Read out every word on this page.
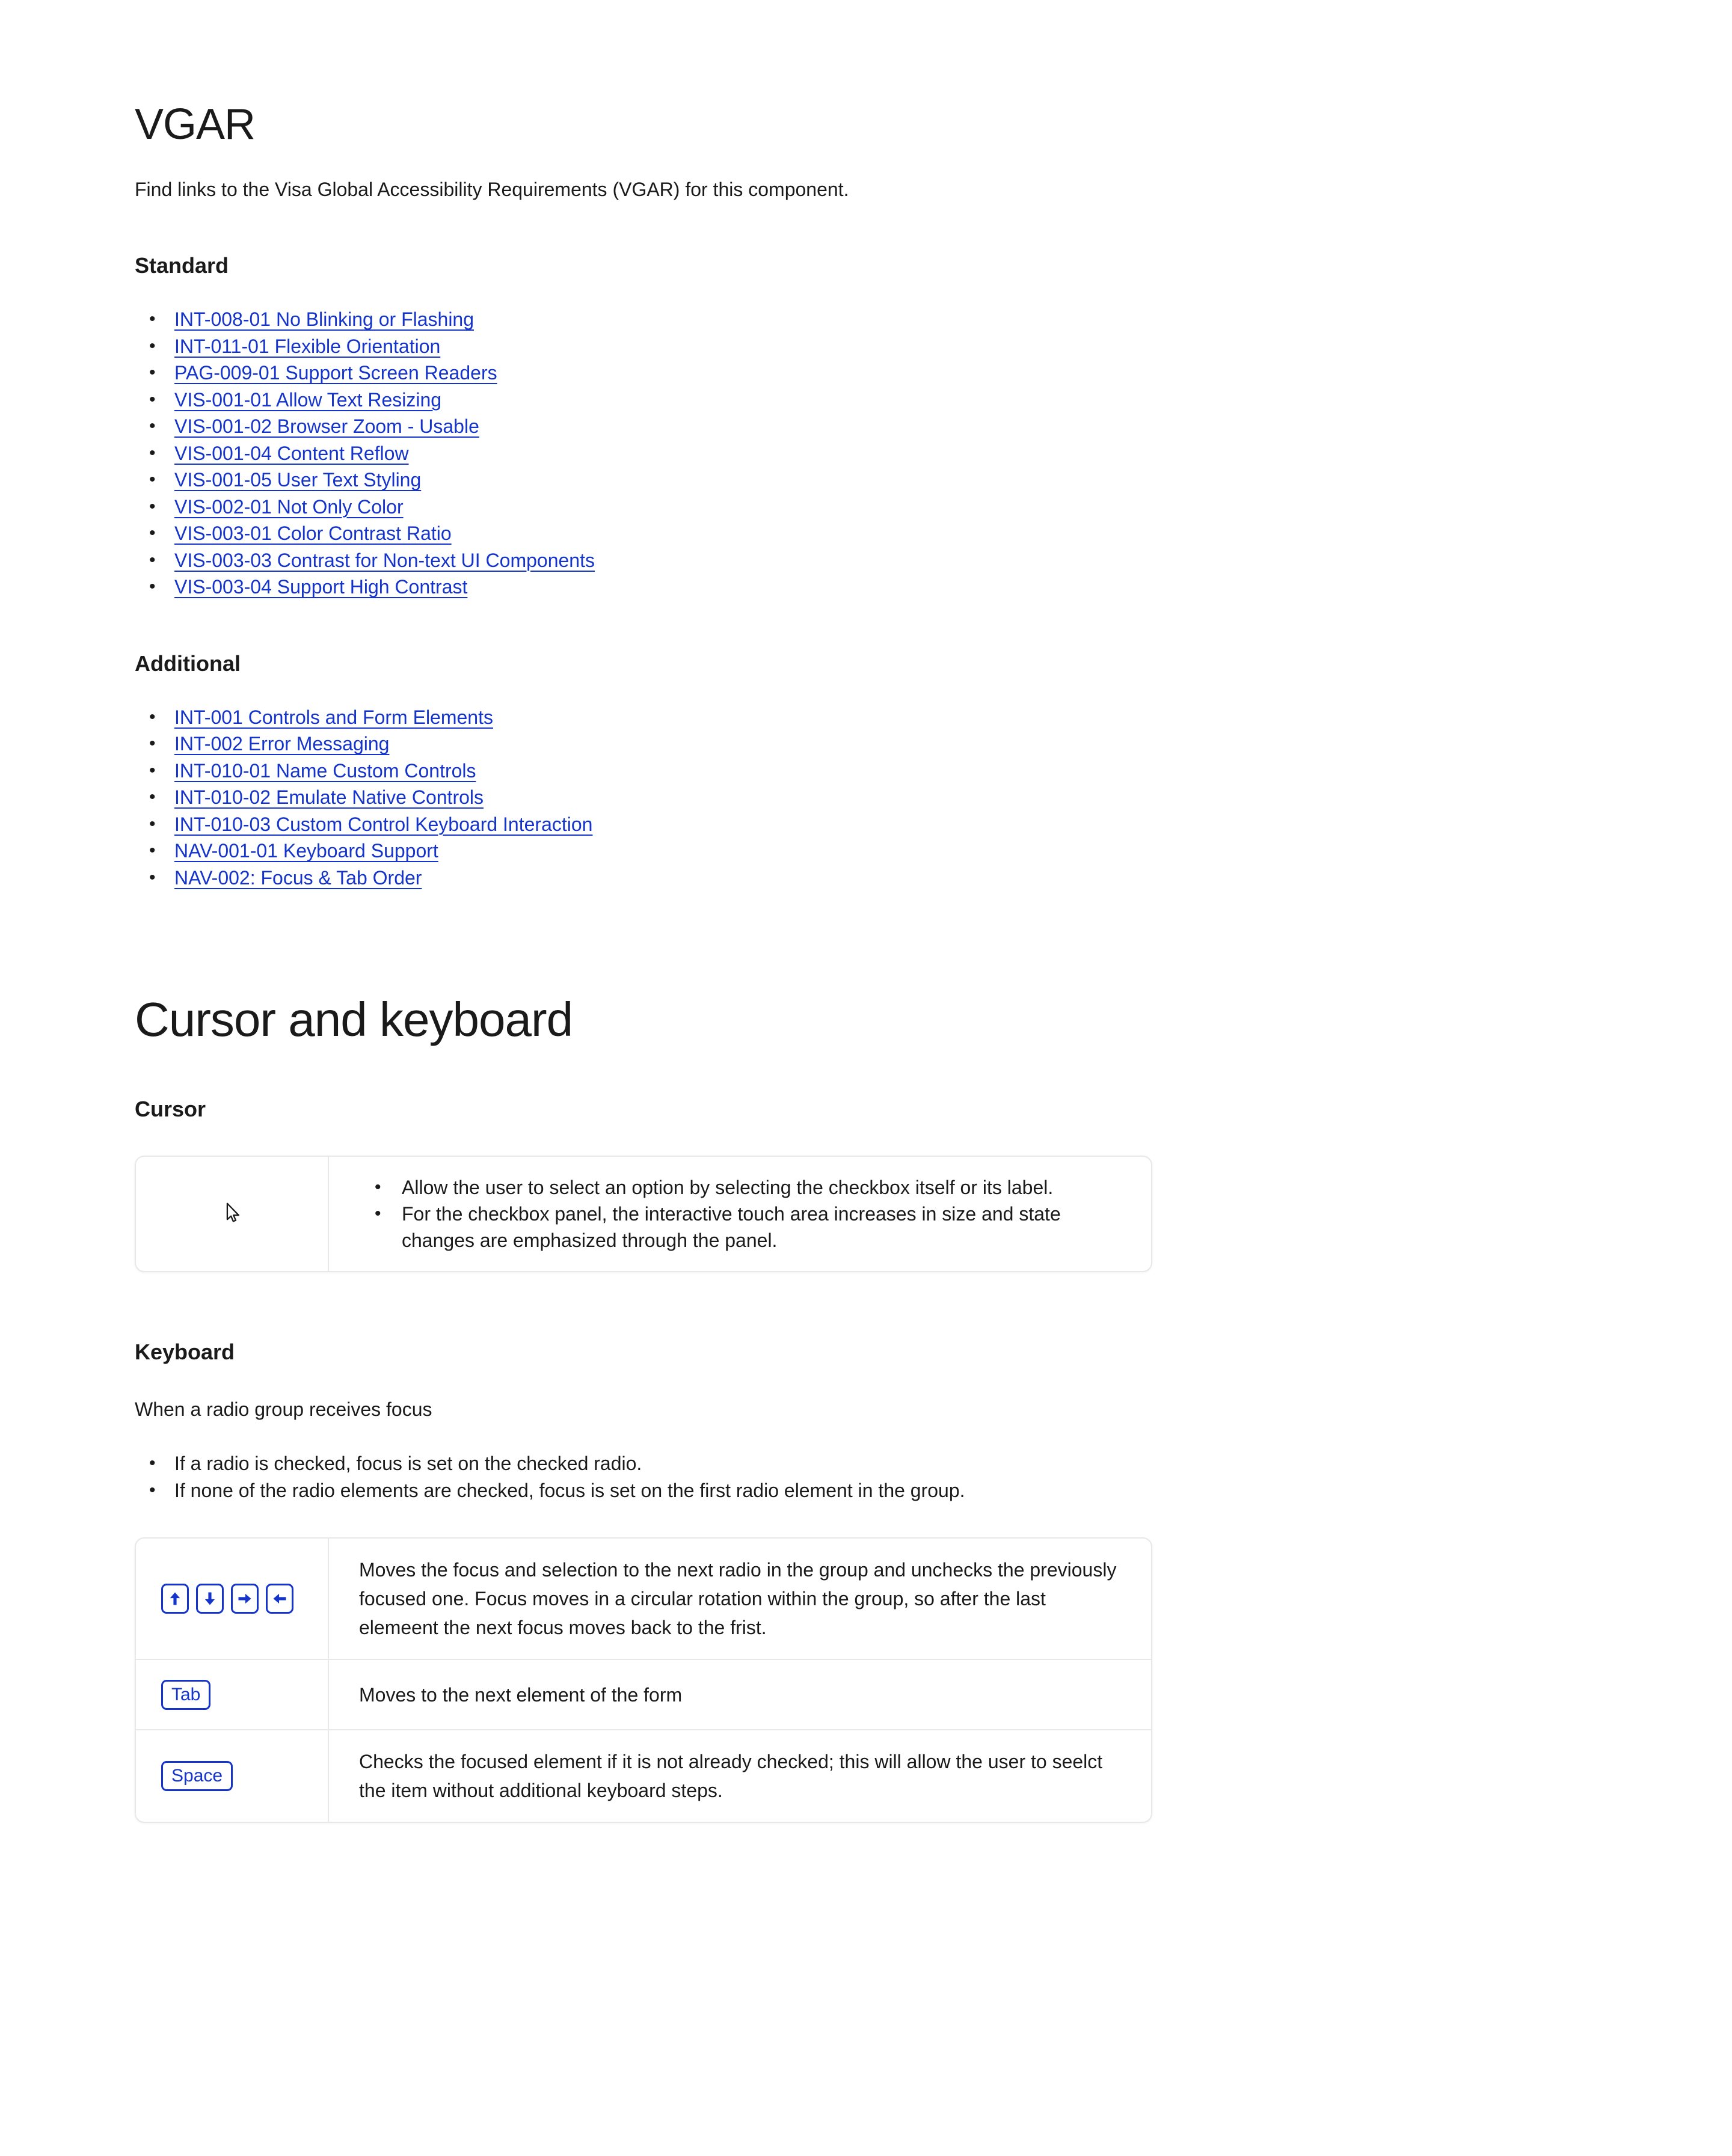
VGAR

Find links to the Visa Global Accessibility Requirements (VGAR) for this component.

Standard
• INT-008-01 No Blinking or Flashing
• INT-011-01 Flexible Orientation
• PAG-009-01 Support Screen Readers
• VIS-001-01 Allow Text Resizing
• VIS-001-02 Browser Zoom - Usable
• VIS-001-04 Content Reflow
• VIS-001-05 User Text Styling
• VIS-002-01 Not Only Color
• VIS-003-01 Color Contrast Ratio
• VIS-003-03 Contrast for Non-text UI Components
• VIS-003-04 Support High Contrast
Additional
• INT-001 Controls and Form Elements
• INT-002 Error Messaging
• INT-010-01 Name Custom Controls
• INT-010-02 Emulate Native Controls
• INT-010-03 Custom Control Keyboard Interaction
• NAV-001-01 Keyboard Support
• NAV-002: Focus & Tab Order
Cursor and keyboard
Cursor
• Allow the user to select an option by selecting the checkbox itself or its label.
• For the checkbox panel, the interactive touch area increases in size and state changes are emphasized through the panel.
Keyboard

When a radio group receives focus

• If a radio is checked, focus is set on the checked radio.
• If none of the radio elements are checked, focus is set on the first radio element in the group.

Moves the focus and selection to the next radio in the group and unchecks the previously focused one. Focus moves in a circular rotation within the group, so after the last elemeent the next focus moves back to the frist.

Tab	Moves to the next element of the form

Space

Checks the focused element if it is not already checked; this will allow the user to seelct the item without additional keyboard steps.
